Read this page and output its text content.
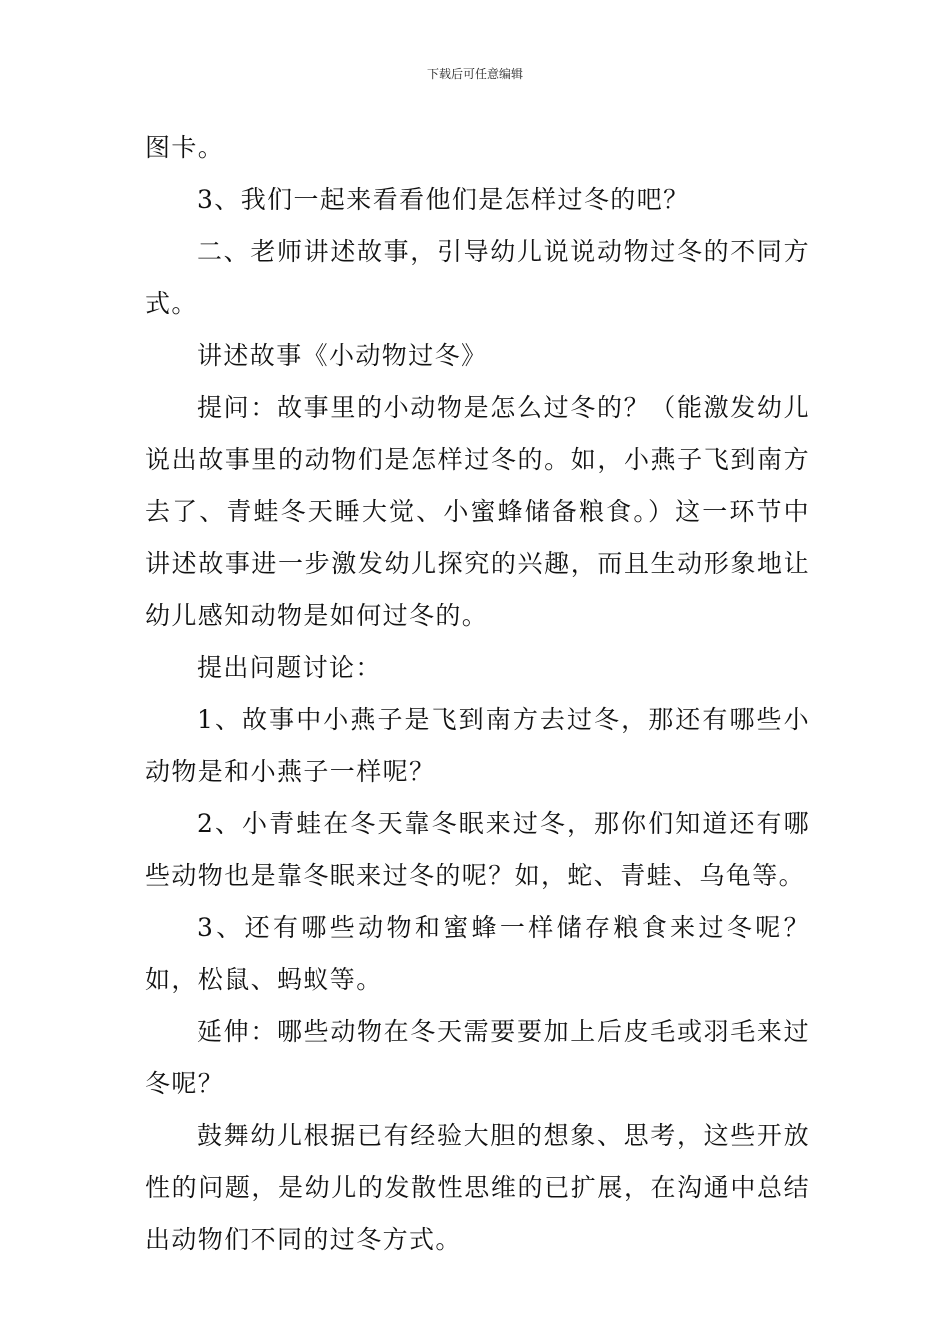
下载后可任意编辑

图卡。

3、我们一起来看看他们是怎样过冬的吧？

二、老师讲述故事，引导幼儿说说动物过冬的不同方式。

讲述故事《小动物过冬》

提问：故事里的小动物是怎么过冬的？（能激发幼儿说出故事里的动物们是怎样过冬的。如，小燕子飞到南方去了、青蛙冬天睡大觉、小蜜蜂储备粮食。）这一环节中讲述故事进一步激发幼儿探究的兴趣，而且生动形象地让幼儿感知动物是如何过冬的。

提出问题讨论：

1、故事中小燕子是飞到南方去过冬，那还有哪些小动物是和小燕子一样呢？

2、小青蛙在冬天靠冬眠来过冬，那你们知道还有哪些动物也是靠冬眠来过冬的呢？如，蛇、青蛙、乌龟等。

3、还有哪些动物和蜜蜂一样储存粮食来过冬呢？如，松鼠、蚂蚁等。

延伸：哪些动物在冬天需要要加上后皮毛或羽毛来过冬呢？

鼓舞幼儿根据已有经验大胆的想象、思考，这些开放性的问题，是幼儿的发散性思维的已扩展，在沟通中总结出动物们不同的过冬方式。
